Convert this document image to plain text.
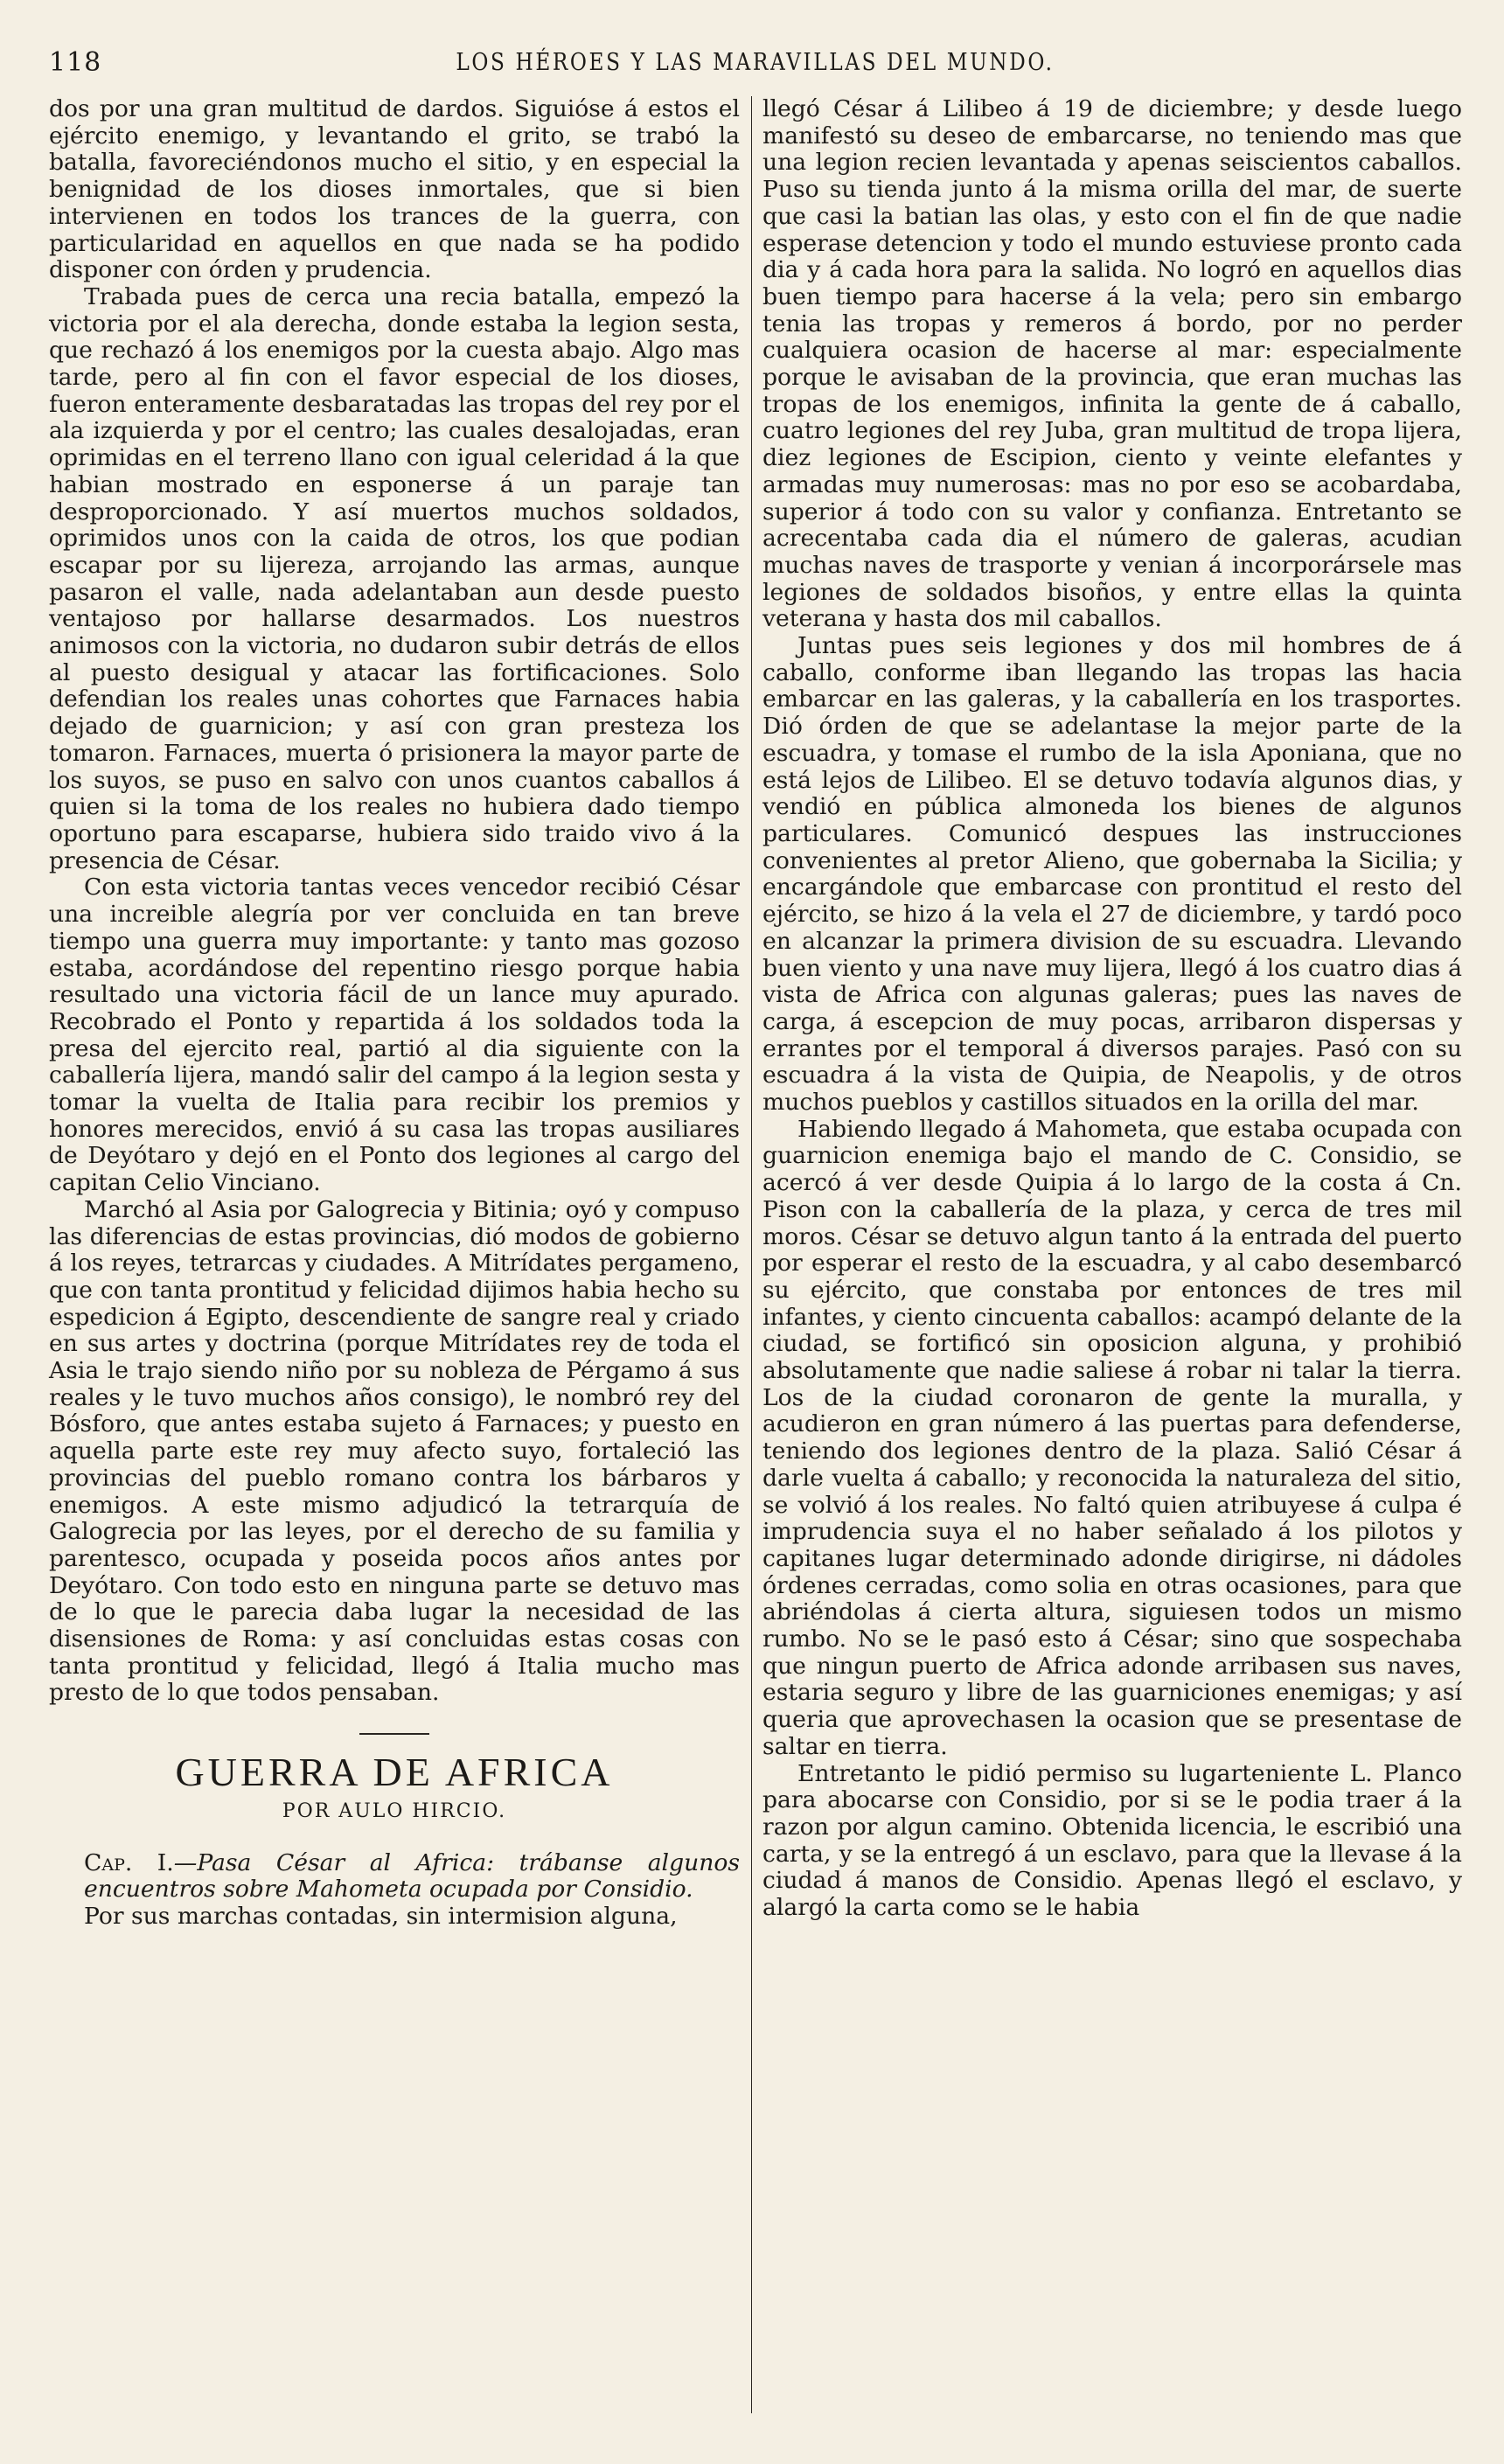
118	LOS HÉROES Y LAS MARAVILLAS DEL MUNDO.

dos por una gran multitud de dardos. Siguióse á estos el ejército enemigo, y levantando el grito, se trabó la batalla, favoreciéndonos mucho el sitio, y en especial la benignidad de los dioses inmortales, que si bien intervienen en todos los trances de la guerra, con particularidad en aquellos en que nada se ha podido disponer con órden y prudencia.

Trabada pues de cerca una recia batalla, empezó la victoria por el ala derecha, donde estaba la legion sesta, que rechazó á los enemigos por la cuesta abajo. Algo mas tarde, pero al fin con el favor especial de los dioses, fueron enteramente desbaratadas las tropas del rey por el ala izquierda y por el centro; las cuales desalojadas, eran oprimidas en el terreno llano con igual celeridad á la que habian mostrado en esponerse á un paraje tan desproporcionado. Y así muertos muchos soldados, oprimidos unos con la caida de otros, los que podian escapar por su lijereza, arrojando las armas, aunque pasaron el valle, nada adelantaban aun desde puesto ventajoso por hallarse desarmados. Los nuestros animosos con la victoria, no dudaron subir detrás de ellos al puesto desigual y atacar las fortificaciones. Solo defendian los reales unas cohortes que Farnaces habia dejado de guarnicion; y así con gran presteza los tomaron. Farnaces, muerta ó prisionera la mayor parte de los suyos, se puso en salvo con unos cuantos caballos á quien si la toma de los reales no hubiera dado tiempo oportuno para escaparse, hubiera sido traido vivo á la presencia de César.

Con esta victoria tantas veces vencedor recibió César una increible alegría por ver concluida en tan breve tiempo una guerra muy importante: y tanto mas gozoso estaba, acordándose del repentino riesgo porque habia resultado una victoria fácil de un lance muy apurado. Recobrado el Ponto y repartida á los soldados toda la presa del ejercito real, partió al dia siguiente con la caballería lijera, mandó salir del campo á la legion sesta y tomar la vuelta de Italia para recibir los premios y honores merecidos, envió á su casa las tropas ausiliares de Deyótaro y dejó en el Ponto dos legiones al cargo del capitan Celio Vinciano.

Marchó al Asia por Galogrecia y Bitinia; oyó y compuso las diferencias de estas provincias, dió modos de gobierno á los reyes, tetrarcas y ciudades. A Mitrídates pergameno, que con tanta prontitud y felicidad dijimos habia hecho su espedicion á Egipto, descendiente de sangre real y criado en sus artes y doctrina (porque Mitrídates rey de toda el Asia le trajo siendo niño por su nobleza de Pérgamo á sus reales y le tuvo muchos años consigo), le nombró rey del Bósforo, que antes estaba sujeto á Farnaces; y puesto en aquella parte este rey muy afecto suyo, fortaleció las provincias del pueblo romano contra los bárbaros y enemigos. A este mismo adjudicó la tetrarquía de Galogrecia por las leyes, por el derecho de su familia y parentesco, ocupada y poseida pocos años antes por Deyótaro. Con todo esto en ninguna parte se detuvo mas de lo que le parecia daba lugar la necesidad de las disensiones de Roma: y así concluidas estas cosas con tanta prontitud y felicidad, llegó á Italia mucho mas presto de lo que todos pensaban.

GUERRA DE AFRICA
POR AULO HIRCIO.

Cap. I.—Pasa César al Africa: trábanse algunos encuentros sobre Mahometa ocupada por Considio.

Por sus marchas contadas, sin intermision alguna,

llegó César á Lilibeo á 19 de diciembre; y desde luego manifestó su deseo de embarcarse, no teniendo mas que una legion recien levantada y apenas seiscientos caballos. Puso su tienda junto á la misma orilla del mar, de suerte que casi la batian las olas, y esto con el fin de que nadie esperase detencion y todo el mundo estuviese pronto cada dia y á cada hora para la salida. No logró en aquellos dias buen tiempo para hacerse á la vela; pero sin embargo tenia las tropas y remeros á bordo, por no perder cualquiera ocasion de hacerse al mar: especialmente porque le avisaban de la provincia, que eran muchas las tropas de los enemigos, infinita la gente de á caballo, cuatro legiones del rey Juba, gran multitud de tropa lijera, diez legiones de Escipion, ciento y veinte elefantes y armadas muy numerosas: mas no por eso se acobardaba, superior á todo con su valor y confianza. Entretanto se acrecentaba cada dia el número de galeras, acudian muchas naves de trasporte y venian á incorporársele mas legiones de soldados bisoños, y entre ellas la quinta veterana y hasta dos mil caballos.

Juntas pues seis legiones y dos mil hombres de á caballo, conforme iban llegando las tropas las hacia embarcar en las galeras, y la caballería en los trasportes. Dió órden de que se adelantase la mejor parte de la escuadra, y tomase el rumbo de la isla Aponiana, que no está lejos de Lilibeo. El se detuvo todavía algunos dias, y vendió en pública almoneda los bienes de algunos particulares. Comunicó despues las instrucciones convenientes al pretor Alieno, que gobernaba la Sicilia; y encargándole que embarcase con prontitud el resto del ejército, se hizo á la vela el 27 de diciembre, y tardó poco en alcanzar la primera division de su escuadra. Llevando buen viento y una nave muy lijera, llegó á los cuatro dias á vista de Africa con algunas galeras; pues las naves de carga, á escepcion de muy pocas, arribaron dispersas y errantes por el temporal á diversos parajes. Pasó con su escuadra á la vista de Quipia, de Neapolis, y de otros muchos pueblos y castillos situados en la orilla del mar.

Habiendo llegado á Mahometa, que estaba ocupada con guarnicion enemiga bajo el mando de C. Considio, se acercó á ver desde Quipia á lo largo de la costa á Cn. Pison con la caballería de la plaza, y cerca de tres mil moros. César se detuvo algun tanto á la entrada del puerto por esperar el resto de la escuadra, y al cabo desembarcó su ejército, que constaba por entonces de tres mil infantes, y ciento cincuenta caballos: acampó delante de la ciudad, se fortificó sin oposicion alguna, y prohibió absolutamente que nadie saliese á robar ni talar la tierra. Los de la ciudad coronaron de gente la muralla, y acudieron en gran número á las puertas para defenderse, teniendo dos legiones dentro de la plaza. Salió César á darle vuelta á caballo; y reconocida la naturaleza del sitio, se volvió á los reales. No faltó quien atribuyese á culpa é imprudencia suya el no haber señalado á los pilotos y capitanes lugar determinado adonde dirigirse, ni dádoles órdenes cerradas, como solia en otras ocasiones, para que abriéndolas á cierta altura, siguiesen todos un mismo rumbo. No se le pasó esto á César; sino que sospechaba que ningun puerto de Africa adonde arribasen sus naves, estaria seguro y libre de las guarniciones enemigas; y así queria que aprovechasen la ocasion que se presentase de saltar en tierra.

Entretanto le pidió permiso su lugarteniente L. Planco para abocarse con Considio, por si se le podia traer á la razon por algun camino. Obtenida licencia, le escribió una carta, y se la entregó á un esclavo, para que la llevase á la ciudad á manos de Considio. Apenas llegó el esclavo, y alargó la carta como se le habia
